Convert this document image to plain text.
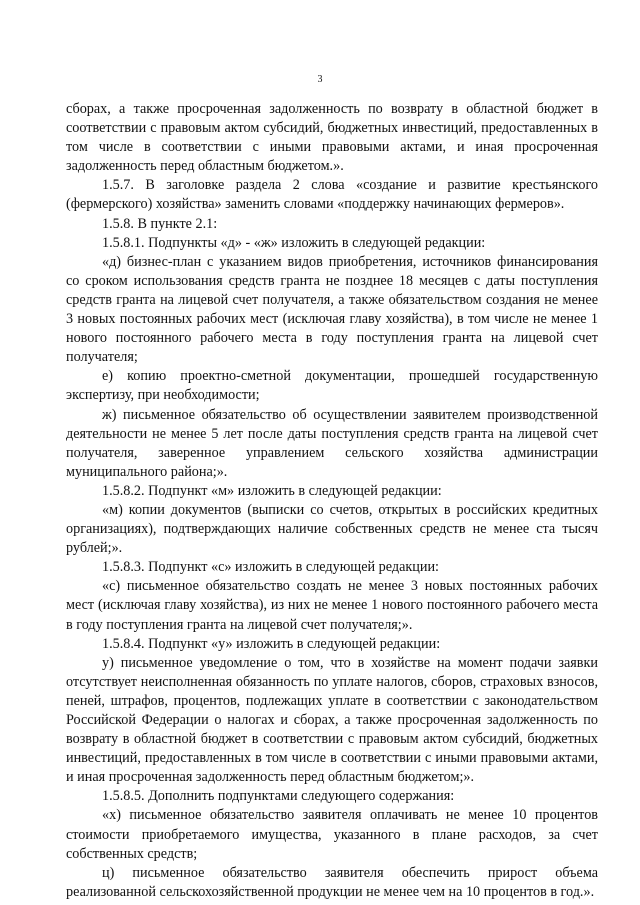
3

сборах, а также просроченная задолженность по возврату в областной бюджет в соответствии с правовым актом субсидий, бюджетных инвестиций, предоставленных в том числе в соответствии с иными правовыми актами, и иная просроченная задолженность перед областным бюджетом.».

1.5.7. В заголовке раздела 2 слова «создание и развитие крестьянского (фермерского) хозяйства» заменить словами «поддержку начинающих фермеров».

1.5.8. В пункте 2.1:

1.5.8.1. Подпункты «д» - «ж» изложить в следующей редакции:

«д) бизнес-план с указанием видов приобретения, источников финансирования со сроком использования средств гранта не позднее 18 месяцев с даты поступления средств гранта на лицевой счет получателя, а также обязательством создания не менее 3 новых постоянных рабочих мест (исключая главу хозяйства), в том числе не менее 1 нового постоянного рабочего места в году поступления гранта на лицевой счет получателя;

е) копию проектно-сметной документации, прошедшей государственную экспертизу, при необходимости;

ж) письменное обязательство об осуществлении заявителем производственной деятельности не менее 5 лет после даты поступления средств гранта на лицевой счет получателя, заверенное управлением сельского хозяйства администрации муниципального района;».

1.5.8.2. Подпункт «м» изложить в следующей редакции:

«м) копии документов (выписки со счетов, открытых в российских кредитных организациях), подтверждающих наличие собственных средств не менее ста тысяч рублей;».

1.5.8.3. Подпункт «с» изложить в следующей редакции:

«с) письменное обязательство создать не менее 3 новых постоянных рабочих мест (исключая главу хозяйства), из них не менее 1 нового постоянного рабочего места в году поступления гранта на лицевой счет получателя;».

1.5.8.4. Подпункт «у» изложить в следующей редакции:

у) письменное уведомление о том, что в хозяйстве на момент подачи заявки отсутствует неисполненная обязанность по уплате налогов, сборов, страховых взносов, пеней, штрафов, процентов, подлежащих уплате в соответствии с законодательством Российской Федерации о налогах и сборах, а также просроченная задолженность по возврату в областной бюджет в соответствии с правовым актом субсидий, бюджетных инвестиций, предоставленных в том числе в соответствии с иными правовыми актами, и иная просроченная задолженность перед областным бюджетом;».

1.5.8.5. Дополнить подпунктами следующего содержания:

«х) письменное обязательство заявителя оплачивать не менее 10 процентов стоимости приобретаемого имущества, указанного в плане расходов, за счет собственных средств;

ц) письменное обязательство заявителя обеспечить прирост объема реализованной сельскохозяйственной продукции не менее чем на 10 процентов в год.».
